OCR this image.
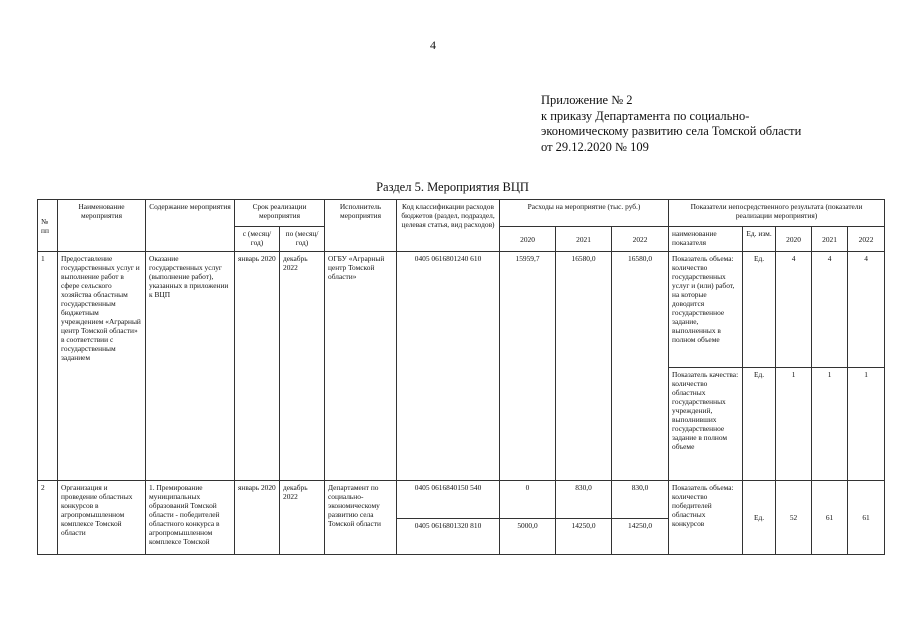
4
Приложение № 2
к приказу Департамента по социально-
экономическому развитию села Томской области
от 29.12.2020 № 109
Раздел 5. Мероприятия ВЦП
№ пп	Наименование мероприятия	Содержание мероприятия	Срок реализации мероприятия		Исполнитель мероприятия	Код классификации расходов бюджетов (раздел, подраздел, целевая статья, вид расходов)	Расходы на мероприятие (тыс. руб.)			Показатели непосредственного результата (показатели реализации мероприятия)				
			с (месяц/год)	по (месяц/год)			2020	2021	2022	наименование показателя	Ед. изм.	2020	2021	2022
1	Предоставление государственных услуг и выполнение работ в сфере сельского хозяйства областным государственным бюджетным учреждением «Аграрный центр Томской области» в соответствии с государственным заданием	Оказание государственных услуг (выполнение работ), указанных в приложении к ВЦП	январь 2020	декабрь 2022	ОГБУ «Аграрный центр Томской области»	0405 0616801240 610	15959,7	16580,0	16580,0	Показатель объема: количество государственных услуг и (или) работ, на которые доводится государственное задание, выполненных в полном объеме	Ед.	4	4	4
										Показатель качества: количество областных государственных учреждений, выполнивших государственное задание в полном объеме	Ед.	1	1	1
2	Организация и проведение областных конкурсов в агропромышленном комплексе Томской области	1. Премирование муниципальных образований Томской области - победителей областного конкурса в агропромышленном комплексе Томской	январь 2020	декабрь 2022	Департамент по социально-экономическому развитию села Томской области	0405 0616840150 540	0	830,0	830,0	Показатель объема: количество победителей областных конкурсов	Ед.	52	61	61
						0405 0616801320 810	5000,0	14250,0	14250,0					
